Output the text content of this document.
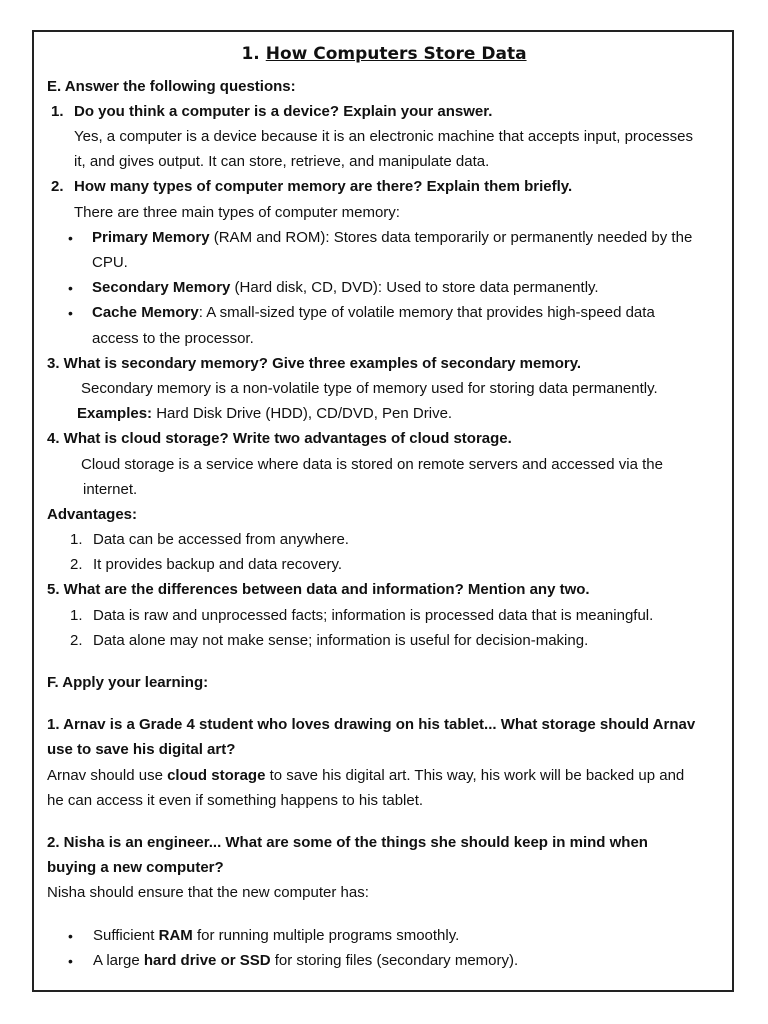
1. How Computers Store Data
E. Answer the following questions:
1. Do you think a computer is a device? Explain your answer.
Yes, a computer is a device because it is an electronic machine that accepts input, processes
it, and gives output. It can store, retrieve, and manipulate data.
2. How many types of computer memory are there? Explain them briefly.
There are three main types of computer memory:
• Primary Memory (RAM and ROM): Stores data temporarily or permanently needed by the
CPU.
• Secondary Memory (Hard disk, CD, DVD): Used to store data permanently.
• Cache Memory: A small-sized type of volatile memory that provides high-speed data
access to the processor.
3. What is secondary memory? Give three examples of secondary memory.
Secondary memory is a non-volatile type of memory used for storing data permanently.
Examples: Hard Disk Drive (HDD), CD/DVD, Pen Drive.
4. What is cloud storage? Write two advantages of cloud storage.
Cloud storage is a service where data is stored on remote servers and accessed via the
internet.
Advantages:
1. Data can be accessed from anywhere.
2. It provides backup and data recovery.
5. What are the differences between data and information? Mention any two.
1. Data is raw and unprocessed facts; information is processed data that is meaningful.
2. Data alone may not make sense; information is useful for decision-making.
F. Apply your learning:
1. Arnav is a Grade 4 student who loves drawing on his tablet... What storage should Arnav
use to save his digital art?
Arnav should use cloud storage to save his digital art. This way, his work will be backed up and
he can access it even if something happens to his tablet.
2. Nisha is an engineer... What are some of the things she should keep in mind when
buying a new computer?
Nisha should ensure that the new computer has:
• Sufficient RAM for running multiple programs smoothly.
• A large hard drive or SSD for storing files (secondary memory).
